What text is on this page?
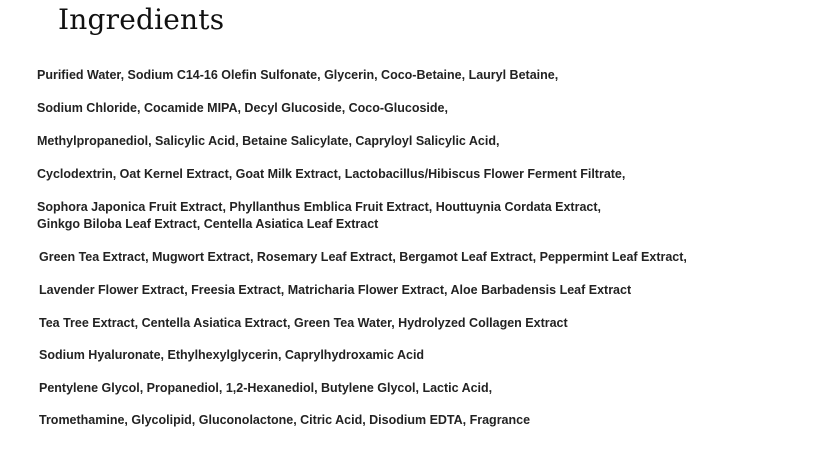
Ingredients
Purified Water, Sodium C14-16 Olefin Sulfonate, Glycerin, Coco-Betaine, Lauryl Betaine,
Sodium Chloride, Cocamide MIPA, Decyl Glucoside, Coco-Glucoside,
Methylpropanediol, Salicylic Acid, Betaine Salicylate, Capryloyl Salicylic Acid,
Cyclodextrin, Oat Kernel Extract, Goat Milk Extract, Lactobacillus/Hibiscus Flower Ferment Filtrate,
Sophora Japonica Fruit Extract, Phyllanthus Emblica Fruit Extract, Houttuynia Cordata Extract,
Ginkgo Biloba Leaf Extract, Centella Asiatica Leaf Extract
Green Tea Extract, Mugwort Extract, Rosemary Leaf Extract, Bergamot Leaf Extract, Peppermint Leaf Extract,
Lavender Flower Extract, Freesia Extract, Matricharia Flower Extract, Aloe Barbadensis Leaf Extract
Tea Tree Extract, Centella Asiatica Extract, Green Tea Water, Hydrolyzed Collagen Extract
Sodium Hyaluronate, Ethylhexylglycerin, Caprylhydroxamic Acid
Pentylene Glycol, Propanediol, 1,2-Hexanediol, Butylene Glycol, Lactic Acid,
Tromethamine, Glycolipid, Gluconolactone, Citric Acid, Disodium EDTA, Fragrance
